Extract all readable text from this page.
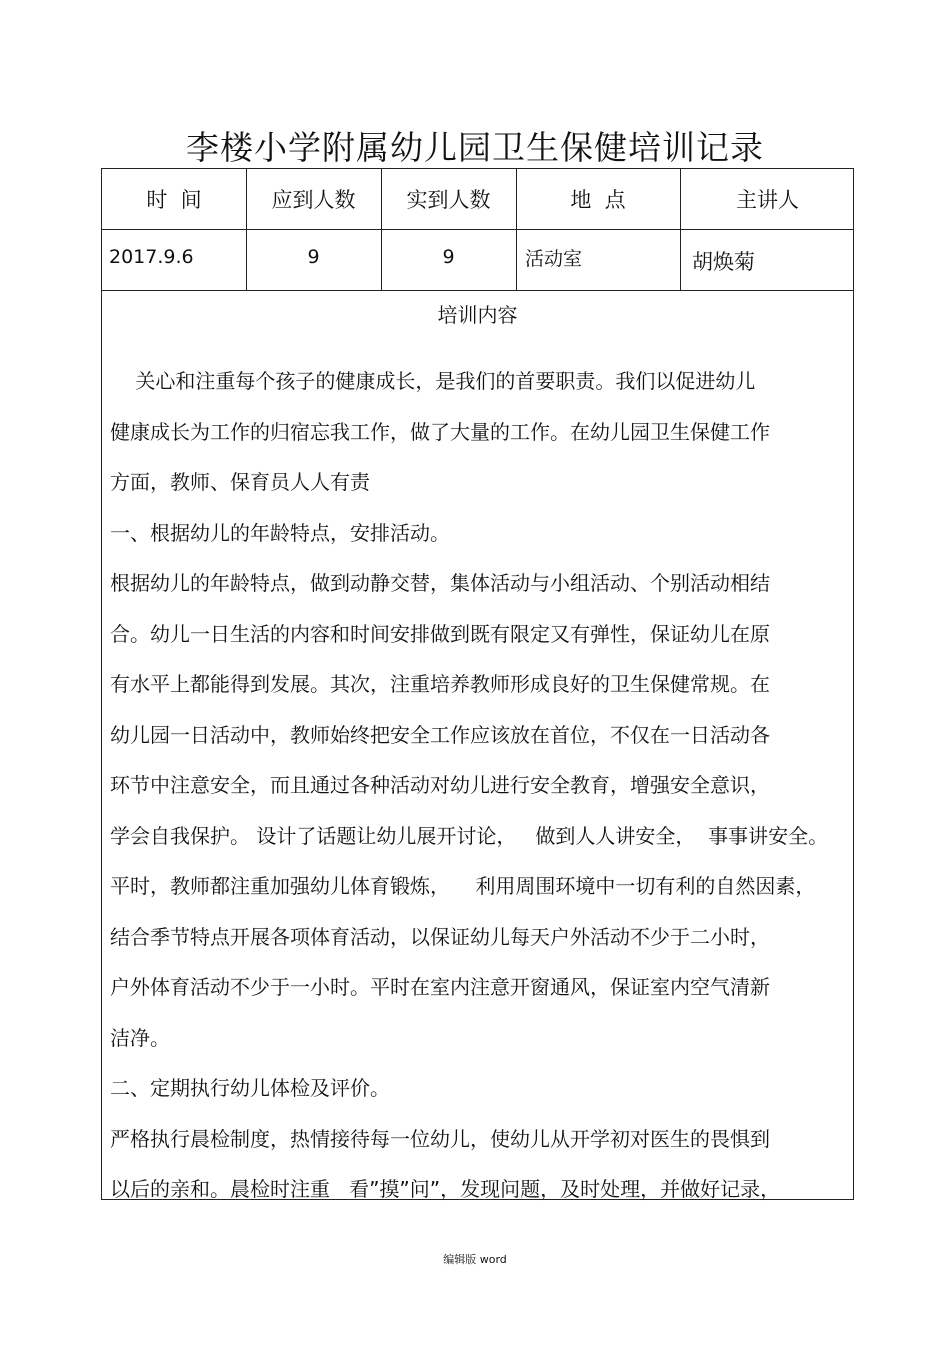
李楼小学附属幼儿园卫生保健培训记录
时  间	应到人数	实到人数	地  点	主讲人
2017.9.6	9	9	活动室	胡焕菊
培训内容
关心和注重每个孩子的健康成长，是我们的首要职责。我们以促进幼儿
健康成长为工作的归宿忘我工作，做了大量的工作。在幼儿园卫生保健工作
方面，教师、保育员人人有责
一、根据幼儿的年龄特点，安排活动。
根据幼儿的年龄特点，做到动静交替，集体活动与小组活动、个别活动相结
合。幼儿一日生活的内容和时间安排做到既有限定又有弹性，保证幼儿在原
有水平上都能得到发展。其次，注重培养教师形成良好的卫生保健常规。在
幼儿园一日活动中，教师始终把安全工作应该放在首位，不仅在一日活动各
环节中注意安全，而且通过各种活动对幼儿进行安全教育，增强安全意识，
学会自我保护。 设计了话题让幼儿展开讨论，   做到人人讲安全，  事事讲安全。
平时，教师都注重加强幼儿体育锻炼，    利用周围环境中一切有利的自然因素，
结合季节特点开展各项体育活动，以保证幼儿每天户外活动不少于二小时，
户外体育活动不少于一小时。平时在室内注意开窗通风，保证室内空气清新
洁净。
二、定期执行幼儿体检及评价。
严格执行晨检制度，热情接待每一位幼儿，使幼儿从开学初对医生的畏惧到
以后的亲和。晨检时注重   看”摸”问”，发现问题，及时处理，并做好记录，
编辑版 word
